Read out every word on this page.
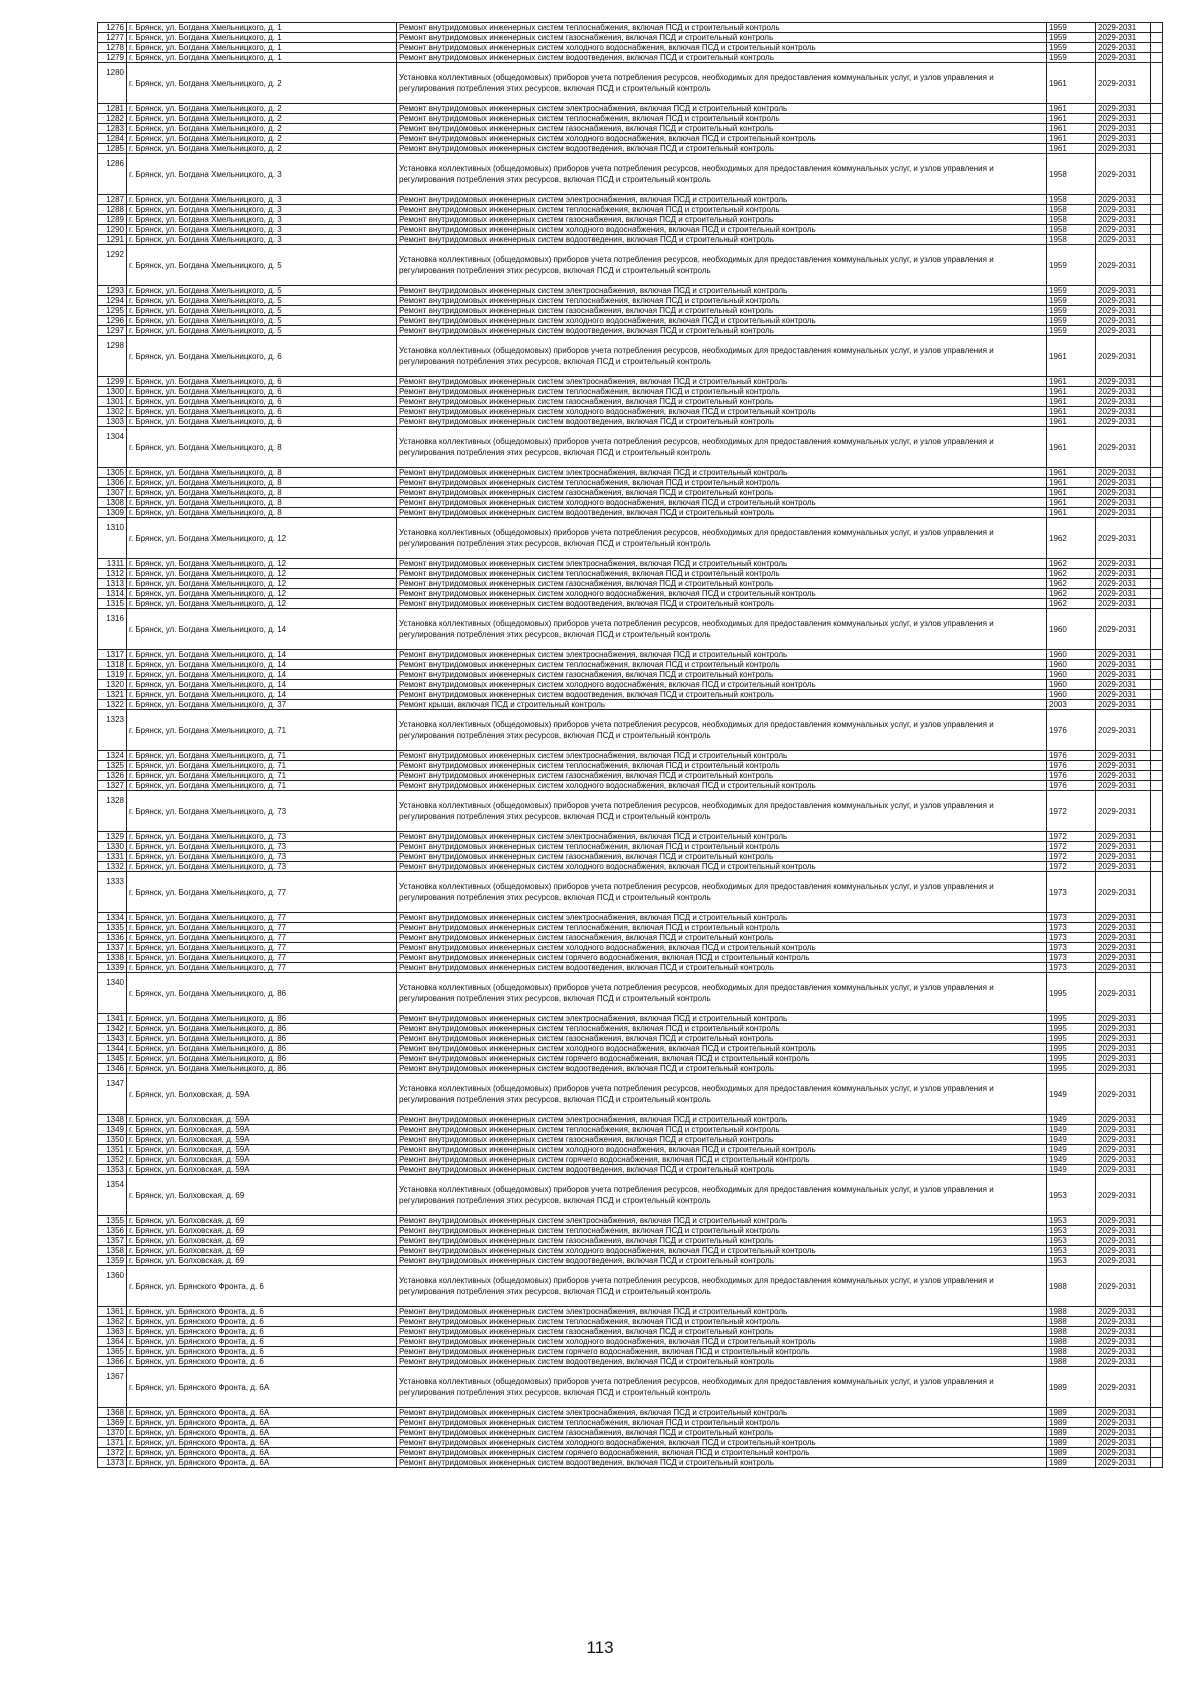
1276	г. Брянск, ул. Богдана Хмельницкого, д. 1	Ремонт внутридомовых инженерных систем теплоснабжения, включая ПСД и строительный контроль	1959	2029-2031	
1277	г. Брянск, ул. Богдана Хмельницкого, д. 1	Ремонт внутридомовых инженерных систем газоснабжения, включая ПСД и строительный контроль	1959	2029-2031	
1278	г. Брянск, ул. Богдана Хмельницкого, д. 1	Ремонт внутридомовых инженерных систем холодного водоснабжения, включая ПСД и строительный контроль	1959	2029-2031	
1279	г. Брянск, ул. Богдана Хмельницкого, д. 1	Ремонт внутридомовых инженерных систем водоотведения, включая ПСД и строительный контроль	1959	2029-2031	
1280	г. Брянск, ул. Богдана Хмельницкого, д. 2	Установка коллективных (общедомовых) приборов учета потребления ресурсов, необходимых для предоставления коммунальных услуг, и узлов управления и регулирования потребления этих ресурсов, включая ПСД и строительный контроль	1961	2029-2031	
1281	г. Брянск, ул. Богдана Хмельницкого, д. 2	Ремонт внутридомовых инженерных систем электроснабжения, включая ПСД и строительный контроль	1961	2029-2031	
1282	г. Брянск, ул. Богдана Хмельницкого, д. 2	Ремонт внутридомовых инженерных систем теплоснабжения, включая ПСД и строительный контроль	1961	2029-2031	
1283	г. Брянск, ул. Богдана Хмельницкого, д. 2	Ремонт внутридомовых инженерных систем газоснабжения, включая ПСД и строительный контроль	1961	2029-2031	
1284	г. Брянск, ул. Богдана Хмельницкого, д. 2	Ремонт внутридомовых инженерных систем холодного водоснабжения, включая ПСД и строительный контроль	1961	2029-2031	
1285	г. Брянск, ул. Богдана Хмельницкого, д. 2	Ремонт внутридомовых инженерных систем водоотведения, включая ПСД и строительный контроль	1961	2029-2031	
1286	г. Брянск, ул. Богдана Хмельницкого, д. 3	Установка коллективных (общедомовых) приборов учета потребления ресурсов, необходимых для предоставления коммунальных услуг, и узлов управления и регулирования потребления этих ресурсов, включая ПСД и строительный контроль	1958	2029-2031	
1287	г. Брянск, ул. Богдана Хмельницкого, д. 3	Ремонт внутридомовых инженерных систем электроснабжения, включая ПСД и строительный контроль	1958	2029-2031	
1288	г. Брянск, ул. Богдана Хмельницкого, д. 3	Ремонт внутридомовых инженерных систем теплоснабжения, включая ПСД и строительный контроль	1958	2029-2031	
1289	г. Брянск, ул. Богдана Хмельницкого, д. 3	Ремонт внутридомовых инженерных систем газоснабжения, включая ПСД и строительный контроль	1958	2029-2031	
1290	г. Брянск, ул. Богдана Хмельницкого, д. 3	Ремонт внутридомовых инженерных систем холодного водоснабжения, включая ПСД и строительный контроль	1958	2029-2031	
1291	г. Брянск, ул. Богдана Хмельницкого, д. 3	Ремонт внутридомовых инженерных систем водоотведения, включая ПСД и строительный контроль	1958	2029-2031	
1292	г. Брянск, ул. Богдана Хмельницкого, д. 5	Установка коллективных (общедомовых) приборов учета потребления ресурсов, необходимых для предоставления коммунальных услуг, и узлов управления и регулирования потребления этих ресурсов, включая ПСД и строительный контроль	1959	2029-2031	
1293	г. Брянск, ул. Богдана Хмельницкого, д. 5	Ремонт внутридомовых инженерных систем электроснабжения, включая ПСД и строительный контроль	1959	2029-2031	
1294	г. Брянск, ул. Богдана Хмельницкого, д. 5	Ремонт внутридомовых инженерных систем теплоснабжения, включая ПСД и строительный контроль	1959	2029-2031	
1295	г. Брянск, ул. Богдана Хмельницкого, д. 5	Ремонт внутридомовых инженерных систем газоснабжения, включая ПСД и строительный контроль	1959	2029-2031	
1296	г. Брянск, ул. Богдана Хмельницкого, д. 5	Ремонт внутридомовых инженерных систем холодного водоснабжения, включая ПСД и строительный контроль	1959	2029-2031	
1297	г. Брянск, ул. Богдана Хмельницкого, д. 5	Ремонт внутридомовых инженерных систем водоотведения, включая ПСД и строительный контроль	1959	2029-2031	
1298	г. Брянск, ул. Богдана Хмельницкого, д. 6	Установка коллективных (общедомовых) приборов учета потребления ресурсов, необходимых для предоставления коммунальных услуг, и узлов управления и регулирования потребления этих ресурсов, включая ПСД и строительный контроль	1961	2029-2031	
1299	г. Брянск, ул. Богдана Хмельницкого, д. 6	Ремонт внутридомовых инженерных систем электроснабжения, включая ПСД и строительный контроль	1961	2029-2031	
1300	г. Брянск, ул. Богдана Хмельницкого, д. 6	Ремонт внутридомовых инженерных систем теплоснабжения, включая ПСД и строительный контроль	1961	2029-2031	
1301	г. Брянск, ул. Богдана Хмельницкого, д. 6	Ремонт внутридомовых инженерных систем газоснабжения, включая ПСД и строительный контроль	1961	2029-2031	
1302	г. Брянск, ул. Богдана Хмельницкого, д. 6	Ремонт внутридомовых инженерных систем холодного водоснабжения, включая ПСД и строительный контроль	1961	2029-2031	
1303	г. Брянск, ул. Богдана Хмельницкого, д. 6	Ремонт внутридомовых инженерных систем водоотведения, включая ПСД и строительный контроль	1961	2029-2031	
1304	г. Брянск, ул. Богдана Хмельницкого, д. 8	Установка коллективных (общедомовых) приборов учета потребления ресурсов, необходимых для предоставления коммунальных услуг, и узлов управления и регулирования потребления этих ресурсов, включая ПСД и строительный контроль	1961	2029-2031	
1305	г. Брянск, ул. Богдана Хмельницкого, д. 8	Ремонт внутридомовых инженерных систем электроснабжения, включая ПСД и строительный контроль	1961	2029-2031	
1306	г. Брянск, ул. Богдана Хмельницкого, д. 8	Ремонт внутридомовых инженерных систем теплоснабжения, включая ПСД и строительный контроль	1961	2029-2031	
1307	г. Брянск, ул. Богдана Хмельницкого, д. 8	Ремонт внутридомовых инженерных систем газоснабжения, включая ПСД и строительный контроль	1961	2029-2031	
1308	г. Брянск, ул. Богдана Хмельницкого, д. 8	Ремонт внутридомовых инженерных систем холодного водоснабжения, включая ПСД и строительный контроль	1961	2029-2031	
1309	г. Брянск, ул. Богдана Хмельницкого, д. 8	Ремонт внутридомовых инженерных систем водоотведения, включая ПСД и строительный контроль	1961	2029-2031	
1310	г. Брянск, ул. Богдана Хмельницкого, д. 12	Установка коллективных (общедомовых) приборов учета потребления ресурсов, необходимых для предоставления коммунальных услуг, и узлов управления и регулирования потребления этих ресурсов, включая ПСД и строительный контроль	1962	2029-2031	
1311	г. Брянск, ул. Богдана Хмельницкого, д. 12	Ремонт внутридомовых инженерных систем электроснабжения, включая ПСД и строительный контроль	1962	2029-2031	
1312	г. Брянск, ул. Богдана Хмельницкого, д. 12	Ремонт внутридомовых инженерных систем теплоснабжения, включая ПСД и строительный контроль	1962	2029-2031	
1313	г. Брянск, ул. Богдана Хмельницкого, д. 12	Ремонт внутридомовых инженерных систем газоснабжения, включая ПСД и строительный контроль	1962	2029-2031	
1314	г. Брянск, ул. Богдана Хмельницкого, д. 12	Ремонт внутридомовых инженерных систем холодного водоснабжения, включая ПСД и строительный контроль	1962	2029-2031	
1315	г. Брянск, ул. Богдана Хмельницкого, д. 12	Ремонт внутридомовых инженерных систем водоотведения, включая ПСД и строительный контроль	1962	2029-2031	
1316	г. Брянск, ул. Богдана Хмельницкого, д. 14	Установка коллективных (общедомовых) приборов учета потребления ресурсов, необходимых для предоставления коммунальных услуг, и узлов управления и регулирования потребления этих ресурсов, включая ПСД и строительный контроль	1960	2029-2031	
1317	г. Брянск, ул. Богдана Хмельницкого, д. 14	Ремонт внутридомовых инженерных систем электроснабжения, включая ПСД и строительный контроль	1960	2029-2031	
1318	г. Брянск, ул. Богдана Хмельницкого, д. 14	Ремонт внутридомовых инженерных систем теплоснабжения, включая ПСД и строительный контроль	1960	2029-2031	
1319	г. Брянск, ул. Богдана Хмельницкого, д. 14	Ремонт внутридомовых инженерных систем газоснабжения, включая ПСД и строительный контроль	1960	2029-2031	
1320	г. Брянск, ул. Богдана Хмельницкого, д. 14	Ремонт внутридомовых инженерных систем холодного водоснабжения, включая ПСД и строительный контроль	1960	2029-2031	
1321	г. Брянск, ул. Богдана Хмельницкого, д. 14	Ремонт внутридомовых инженерных систем водоотведения, включая ПСД и строительный контроль	1960	2029-2031	
1322	г. Брянск, ул. Богдана Хмельницкого, д. 37	Ремонт крыши, включая ПСД и строительный контроль	2003	2029-2031	
1323	г. Брянск, ул. Богдана Хмельницкого, д. 71	Установка коллективных (общедомовых) приборов учета потребления ресурсов, необходимых для предоставления коммунальных услуг, и узлов управления и регулирования потребления этих ресурсов, включая ПСД и строительный контроль	1976	2029-2031	
1324	г. Брянск, ул. Богдана Хмельницкого, д. 71	Ремонт внутридомовых инженерных систем электроснабжения, включая ПСД и строительный контроль	1976	2029-2031	
1325	г. Брянск, ул. Богдана Хмельницкого, д. 71	Ремонт внутридомовых инженерных систем теплоснабжения, включая ПСД и строительный контроль	1976	2029-2031	
1326	г. Брянск, ул. Богдана Хмельницкого, д. 71	Ремонт внутридомовых инженерных систем газоснабжения, включая ПСД и строительный контроль	1976	2029-2031	
1327	г. Брянск, ул. Богдана Хмельницкого, д. 71	Ремонт внутридомовых инженерных систем холодного водоснабжения, включая ПСД и строительный контроль	1976	2029-2031	
1328	г. Брянск, ул. Богдана Хмельницкого, д. 73	Установка коллективных (общедомовых) приборов учета потребления ресурсов, необходимых для предоставления коммунальных услуг, и узлов управления и регулирования потребления этих ресурсов, включая ПСД и строительный контроль	1972	2029-2031	
1329	г. Брянск, ул. Богдана Хмельницкого, д. 73	Ремонт внутридомовых инженерных систем электроснабжения, включая ПСД и строительный контроль	1972	2029-2031	
1330	г. Брянск, ул. Богдана Хмельницкого, д. 73	Ремонт внутридомовых инженерных систем теплоснабжения, включая ПСД и строительный контроль	1972	2029-2031	
1331	г. Брянск, ул. Богдана Хмельницкого, д. 73	Ремонт внутридомовых инженерных систем газоснабжения, включая ПСД и строительный контроль	1972	2029-2031	
1332	г. Брянск, ул. Богдана Хмельницкого, д. 73	Ремонт внутридомовых инженерных систем холодного водоснабжения, включая ПСД и строительный контроль	1972	2029-2031	
1333	г. Брянск, ул. Богдана Хмельницкого, д. 77	Установка коллективных (общедомовых) приборов учета потребления ресурсов, необходимых для предоставления коммунальных услуг, и узлов управления и регулирования потребления этих ресурсов, включая ПСД и строительный контроль	1973	2029-2031	
1334	г. Брянск, ул. Богдана Хмельницкого, д. 77	Ремонт внутридомовых инженерных систем электроснабжения, включая ПСД и строительный контроль	1973	2029-2031	
1335	г. Брянск, ул. Богдана Хмельницкого, д. 77	Ремонт внутридомовых инженерных систем теплоснабжения, включая ПСД и строительный контроль	1973	2029-2031	
1336	г. Брянск, ул. Богдана Хмельницкого, д. 77	Ремонт внутридомовых инженерных систем газоснабжения, включая ПСД и строительный контроль	1973	2029-2031	
1337	г. Брянск, ул. Богдана Хмельницкого, д. 77	Ремонт внутридомовых инженерных систем холодного водоснабжения, включая ПСД и строительный контроль	1973	2029-2031	
1338	г. Брянск, ул. Богдана Хмельницкого, д. 77	Ремонт внутридомовых инженерных систем горячего водоснабжения, включая ПСД и строительный контроль	1973	2029-2031	
1339	г. Брянск, ул. Богдана Хмельницкого, д. 77	Ремонт внутридомовых инженерных систем водоотведения, включая ПСД и строительный контроль	1973	2029-2031	
1340	г. Брянск, ул. Богдана Хмельницкого, д. 86	Установка коллективных (общедомовых) приборов учета потребления ресурсов, необходимых для предоставления коммунальных услуг, и узлов управления и регулирования потребления этих ресурсов, включая ПСД и строительный контроль	1995	2029-2031	
1341	г. Брянск, ул. Богдана Хмельницкого, д. 86	Ремонт внутридомовых инженерных систем электроснабжения, включая ПСД и строительный контроль	1995	2029-2031	
1342	г. Брянск, ул. Богдана Хмельницкого, д. 86	Ремонт внутридомовых инженерных систем теплоснабжения, включая ПСД и строительный контроль	1995	2029-2031	
1343	г. Брянск, ул. Богдана Хмельницкого, д. 86	Ремонт внутридомовых инженерных систем газоснабжения, включая ПСД и строительный контроль	1995	2029-2031	
1344	г. Брянск, ул. Богдана Хмельницкого, д. 86	Ремонт внутридомовых инженерных систем холодного водоснабжения, включая ПСД и строительный контроль	1995	2029-2031	
1345	г. Брянск, ул. Богдана Хмельницкого, д. 86	Ремонт внутридомовых инженерных систем горячего водоснабжения, включая ПСД и строительный контроль	1995	2029-2031	
1346	г. Брянск, ул. Богдана Хмельницкого, д. 86	Ремонт внутридомовых инженерных систем водоотведения, включая ПСД и строительный контроль	1995	2029-2031	
1347	г. Брянск, ул. Болховская, д. 59А	Установка коллективных (общедомовых) приборов учета потребления ресурсов, необходимых для предоставления коммунальных услуг, и узлов управления и регулирования потребления этих ресурсов, включая ПСД и строительный контроль	1949	2029-2031	
1348	г. Брянск, ул. Болховская, д. 59А	Ремонт внутридомовых инженерных систем электроснабжения, включая ПСД и строительный контроль	1949	2029-2031	
1349	г. Брянск, ул. Болховская, д. 59А	Ремонт внутридомовых инженерных систем теплоснабжения, включая ПСД и строительный контроль	1949	2029-2031	
1350	г. Брянск, ул. Болховская, д. 59А	Ремонт внутридомовых инженерных систем газоснабжения, включая ПСД и строительный контроль	1949	2029-2031	
1351	г. Брянск, ул. Болховская, д. 59А	Ремонт внутридомовых инженерных систем холодного водоснабжения, включая ПСД и строительный контроль	1949	2029-2031	
1352	г. Брянск, ул. Болховская, д. 59А	Ремонт внутридомовых инженерных систем горячего водоснабжения, включая ПСД и строительный контроль	1949	2029-2031	
1353	г. Брянск, ул. Болховская, д. 59А	Ремонт внутридомовых инженерных систем водоотведения, включая ПСД и строительный контроль	1949	2029-2031	
1354	г. Брянск, ул. Болховская, д. 69	Установка коллективных (общедомовых) приборов учета потребления ресурсов, необходимых для предоставления коммунальных услуг, и узлов управления и регулирования потребления этих ресурсов, включая ПСД и строительный контроль	1953	2029-2031	
1355	г. Брянск, ул. Болховская, д. 69	Ремонт внутридомовых инженерных систем электроснабжения, включая ПСД и строительный контроль	1953	2029-2031	
1356	г. Брянск, ул. Болховская, д. 69	Ремонт внутридомовых инженерных систем теплоснабжения, включая ПСД и строительный контроль	1953	2029-2031	
1357	г. Брянск, ул. Болховская, д. 69	Ремонт внутридомовых инженерных систем газоснабжения, включая ПСД и строительный контроль	1953	2029-2031	
1358	г. Брянск, ул. Болховская, д. 69	Ремонт внутридомовых инженерных систем холодного водоснабжения, включая ПСД и строительный контроль	1953	2029-2031	
1359	г. Брянск, ул. Болховская, д. 69	Ремонт внутридомовых инженерных систем водоотведения, включая ПСД и строительный контроль	1953	2029-2031	
1360	г. Брянск, ул. Брянского Фронта, д. 6	Установка коллективных (общедомовых) приборов учета потребления ресурсов, необходимых для предоставления коммунальных услуг, и узлов управления и регулирования потребления этих ресурсов, включая ПСД и строительный контроль	1988	2029-2031	
1361	г. Брянск, ул. Брянского Фронта, д. 6	Ремонт внутридомовых инженерных систем электроснабжения, включая ПСД и строительный контроль	1988	2029-2031	
1362	г. Брянск, ул. Брянского Фронта, д. 6	Ремонт внутридомовых инженерных систем теплоснабжения, включая ПСД и строительный контроль	1988	2029-2031	
1363	г. Брянск, ул. Брянского Фронта, д. 6	Ремонт внутридомовых инженерных систем газоснабжения, включая ПСД и строительный контроль	1988	2029-2031	
1364	г. Брянск, ул. Брянского Фронта, д. 6	Ремонт внутридомовых инженерных систем холодного водоснабжения, включая ПСД и строительный контроль	1988	2029-2031	
1365	г. Брянск, ул. Брянского Фронта, д. 6	Ремонт внутридомовых инженерных систем горячего водоснабжения, включая ПСД и строительный контроль	1988	2029-2031	
1366	г. Брянск, ул. Брянского Фронта, д. 6	Ремонт внутридомовых инженерных систем водоотведения, включая ПСД и строительный контроль	1988	2029-2031	
1367	г. Брянск, ул. Брянского Фронта, д. 6А	Установка коллективных (общедомовых) приборов учета потребления ресурсов, необходимых для предоставления коммунальных услуг, и узлов управления и регулирования потребления этих ресурсов, включая ПСД и строительный контроль	1989	2029-2031	
1368	г. Брянск, ул. Брянского Фронта, д. 6А	Ремонт внутридомовых инженерных систем электроснабжения, включая ПСД и строительный контроль	1989	2029-2031	
1369	г. Брянск, ул. Брянского Фронта, д. 6А	Ремонт внутридомовых инженерных систем теплоснабжения, включая ПСД и строительный контроль	1989	2029-2031	
1370	г. Брянск, ул. Брянского Фронта, д. 6А	Ремонт внутридомовых инженерных систем газоснабжения, включая ПСД и строительный контроль	1989	2029-2031	
1371	г. Брянск, ул. Брянского Фронта, д. 6А	Ремонт внутридомовых инженерных систем холодного водоснабжения, включая ПСД и строительный контроль	1989	2029-2031	
1372	г. Брянск, ул. Брянского Фронта, д. 6А	Ремонт внутридомовых инженерных систем горячего водоснабжения, включая ПСД и строительный контроль	1989	2029-2031	
1373	г. Брянск, ул. Брянского Фронта, д. 6А	Ремонт внутридомовых инженерных систем водоотведения, включая ПСД и строительный контроль	1989	2029-2031	
113
